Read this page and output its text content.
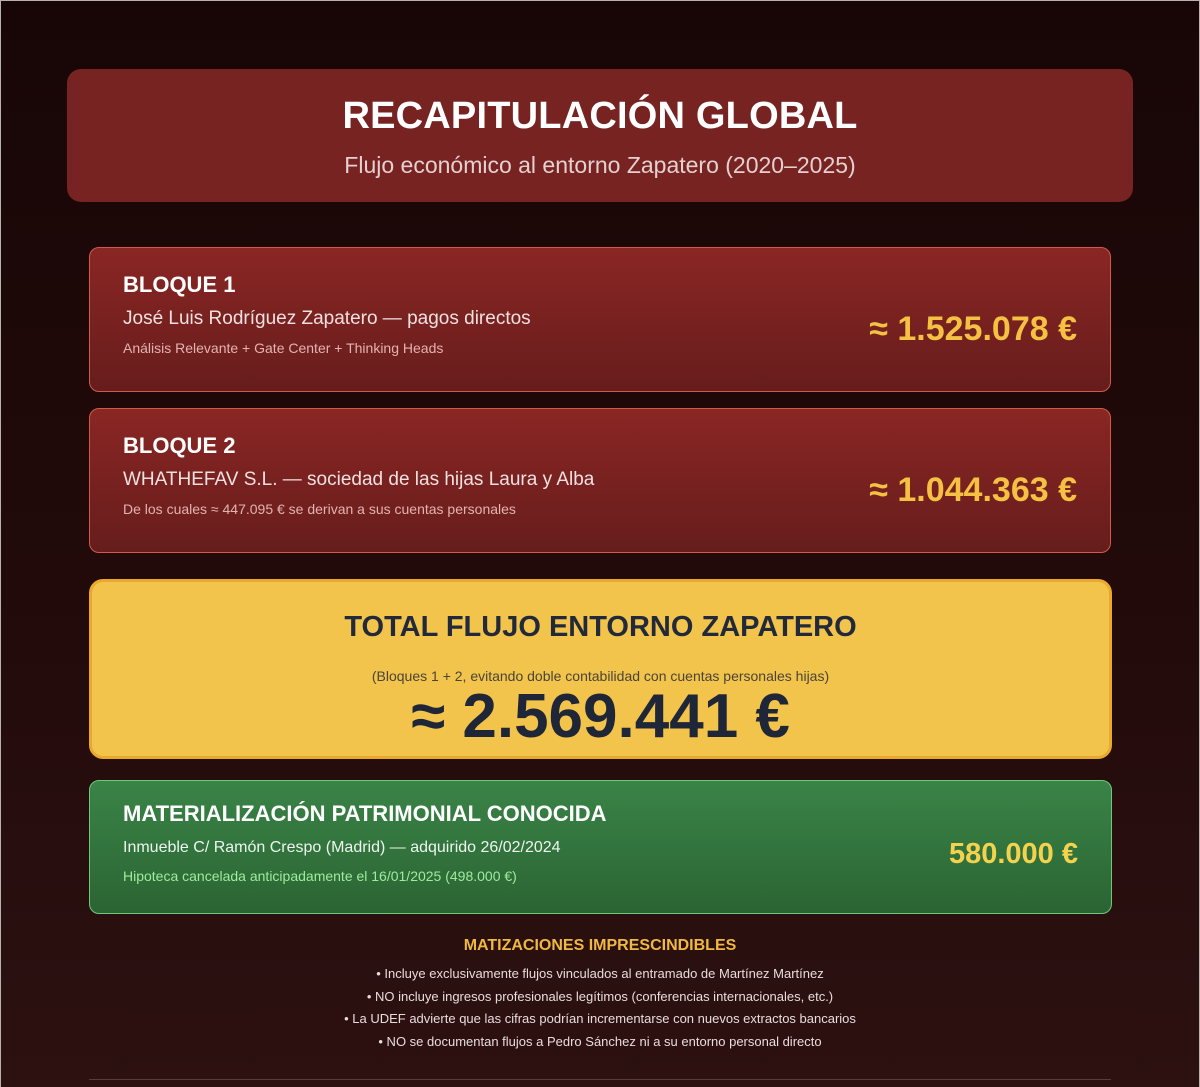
RECAPITULACIÓN GLOBAL
Flujo económico al entorno Zapatero (2020–2025)
BLOQUE 1
José Luis Rodríguez Zapatero — pagos directos
Análisis Relevante + Gate Center + Thinking Heads	≈ 1.525.078 €
BLOQUE 2
WHATHEFAV S.L. — sociedad de las hijas Laura y Alba
De los cuales ≈ 447.095 € se derivan a sus cuentas personales	≈ 1.044.363 €
TOTAL FLUJO ENTORNO ZAPATERO
(Bloques 1 + 2, evitando doble contabilidad con cuentas personales hijas)
≈ 2.569.441 €
MATERIALIZACIÓN PATRIMONIAL CONOCIDA
Inmueble C/ Ramón Crespo (Madrid) — adquirido 26/02/2024
Hipoteca cancelada anticipadamente el 16/01/2025 (498.000 €)
580.000 €
MATIZACIONES IMPRESCINDIBLES
• Incluye exclusivamente flujos vinculados al entramado de Martínez Martínez
• NO incluye ingresos profesionales legítimos (conferencias internacionales, etc.)
• La UDEF advierte que las cifras podrían incrementarse con nuevos extractos bancarios
• NO se documentan flujos a Pedro Sánchez ni a su entorno personal directo
